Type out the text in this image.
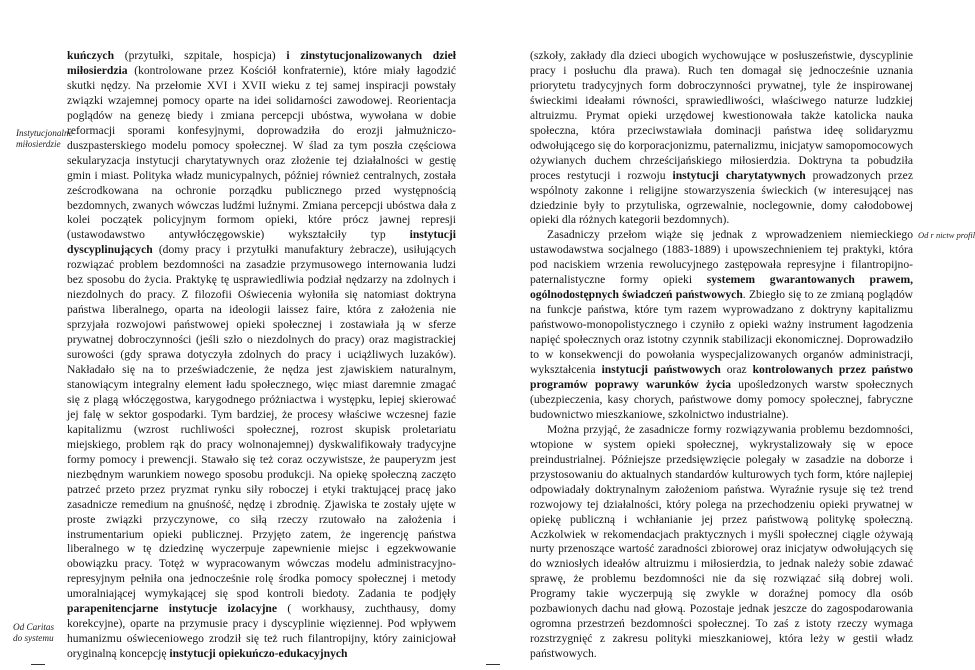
Instytucjonalne miłosierdzie
Od Caritas do systemu
Od r nictw profil

kuńczych (przytułki, szpitale, hospicja) i zinstytucjonalizowanych dzieł miłosierdzia (kontrolowane przez Kościół konfraternie), które miały łagodzić skutki nędzy. Na przełomie XVI i XVII wieku z tej samej inspiracji powstały związki wzajemnej pomocy oparte na idei solidarności zawodowej. Reorientacja poglądów na genezę biedy i zmiana percepcji ubóstwa, wywołana w dobie reformacji sporami konfesyjnymi, doprowadziła do erozji jałmużniczo-duszpasterskiego modelu pomocy społecznej. W ślad za tym poszła częściowa sekularyzacja instytucji charytatywnych oraz złożenie tej działalności w gestię gmin i miast. Polityka władz municypalnych, później również centralnych, została ześcrodkowana na ochronie porządku publicznego przed występnością bezdomnych, zwanych wówczas ludźmi luźnymi. Zmiana percepcji ubóstwa dała z kolei początek policyjnym formom opieki, które prócz jawnej represji (ustawodawstwo antywłóczęgowskie) wykształciły typ instytucji dyscyplinujących (domy pracy i przytułki manufaktury żebracze), usiłujących rozwiązać problem bezdomności na zasadzie przymusowego internowania ludzi bez sposobu do życia. Praktykę tę usprawiedliwia podział nędzarzy na zdolnych i niezdolnych do pracy. Z filozofii Oświecenia wyłoniła się natomiast doktryna państwa liberalnego, oparta na ideologii laissez faire, która z założenia nie sprzyjała rozwojowi państwowej opieki społecznej i zostawiała ją w sferze prywatnej dobroczynności (jeśli szło o niezdolnych do pracy) oraz magistrackiej surowości (gdy sprawa dotyczyła zdolnych do pracy i uciążliwych luzaków). Nakładało się na to przeświadczenie, że nędza jest zjawiskiem naturalnym, stanowiącym integralny element ładu społecznego, więc miast daremnie zmagać się z plagą włóczęgostwa, karygodnego próżniactwa i występku, lepiej skierować jej falę w sektor gospodarki. Tym bardziej, że procesy właściwe wczesnej fazie kapitalizmu (wzrost ruchliwości społecznej, rozrost skupisk proletariatu miejskiego, problem rąk do pracy wolnonajemnej) dyskwalifikowały tradycyjne formy pomocy i prewencji. Stawało się też coraz oczywistsze, że pauperyzm jest niezbędnym warunkiem nowego sposobu produkcji. Na opiekę społeczną zaczęto patrzeć przeto przez pryzmat rynku siły roboczej i etyki traktującej pracę jako zasadnicze remedium na gnuśność, nędzę i zbrodnię. Zjawiska te zostały ujęte w proste związki przyczynowe, co siłą rzeczy rzutowało na założenia i instrumentarium opieki publicznej. Przyjęto zatem, że ingerencję państwa liberalnego w tę dziedzinę wyczerpuje zapewnienie miejsc i egzekwowanie obowiązku pracy. Totęż w wypracowanym wówczas modelu administracyjno-represyjnym pełniła ona jednocześnie rolę środka pomocy społecznej i metody umoralniającej wymykającej się spod kontroli biedoty. Zadania te podjęły parapenitencjarne instytucje izolacyjne ( workhausy, zuchthausy, domy korekcyjne), oparte na przymusie pracy i dyscyplinie więziennej. Pod wpływem humanizmu oświeceniowego zrodził się też ruch filantropijny, który zainicjował oryginalną koncepcję instytucji opiekuńczo-edukacyjnych

(szkoły, zakłady dla dzieci ubogich wychowujące w posłuszeństwie, dyscyplinie pracy i posłuchu dla prawa). Ruch ten domagał się jednocześnie uznania priorytetu tradycyjnych form dobroczynności prywatnej, tyle że inspirowanej świeckimi ideałami równości, sprawiedliwości, właściwego naturze ludzkiej altruizmu. Prymat opieki urzędowej kwestionowała także katolicka nauka społeczna, która przeciwstawiała dominacji państwa ideę solidaryzmu odwołującego się do korporacjonizmu, paternalizmu, inicjatyw samopomocowych ożywianych duchem chrześcijańskiego miłosierdzia. Doktryna ta pobudziła proces restytucji i rozwoju instytucji charytatywnych prowadzonych przez wspólnoty zakonne i religijne stowarzyszenia świeckich (w interesującej nas dziedzinie były to przytuliska, ogrzewalnie, noclegownie, domy całodobowej opieki dla różnych kategorii bezdomnych).

Zasadniczy przełom wiąże się jednak z wprowadzeniem niemieckiego ustawodawstwa socjalnego (1883-1889) i upowszechnieniem tej praktyki, która pod naciskiem wrzenia rewolucyjnego zastępowała represyjne i filantropijno-paternalistyczne formy opieki systemem gwarantowanych prawem, ogólnodostępnych świadczeń państwowych. Zbiegło się to ze zmianą poglądów na funkcje państwa, które tym razem wyprowadzano z doktryny kapitalizmu państwowo-monopolistycznego i czyniło z opieki ważny instrument łagodzenia napięć społecznych oraz istotny czynnik stabilizacji ekonomicznej. Doprowadziło to w konsekwencji do powołania wyspecjalizowanych organów administracji, wykształcenia instytucji państwowych oraz kontrolowanych przez państwo programów poprawy warunków życia upośledzonych warstw społecznych (ubezpieczenia, kasy chorych, państwowe domy pomocy społecznej, fabryczne budownictwo mieszkaniowe, szkolnictwo industrialne).

Można przyjąć, że zasadnicze formy rozwiązywania problemu bezdomności, wtopione w system opieki społecznej, wykrystalizowały się w epoce preindustrialnej. Późniejsze przedsięwzięcie polegały w zasadzie na doborze i przystosowaniu do aktualnych standardów kulturowych tych form, które najlepiej odpowiadały doktrynalnym założeniom państwa. Wyraźnie rysuje się też trend rozwojowy tej działalności, który polega na przechodzeniu opieki prywatnej w opiekę publiczną i wchłanianie jej przez państwową politykę społeczną. Aczkolwiek w rekomendacjach praktycznych i myśli społecznej ciągle ożywają nurty przenoszące wartość zaradności zbiorowej oraz inicjatyw odwołujących się do wzniosłych ideałów altruizmu i miłosierdzia, to jednak należy sobie zdawać sprawę, że problemu bezdomności nie da się rozwiązać siłą dobrej woli. Programy takie wyczerpują się zwykle w doraźnej pomocy dla osób pozbawionych dachu nad głową. Pozostaje jednak jeszcze do zagospodarowania ogromna przestrzeń bezdomności społecznej. To zaś z istoty rzeczy wymaga rozstrzygnięć z zakresu polityki mieszkaniowej, która leży w gestii władz państwowych.
